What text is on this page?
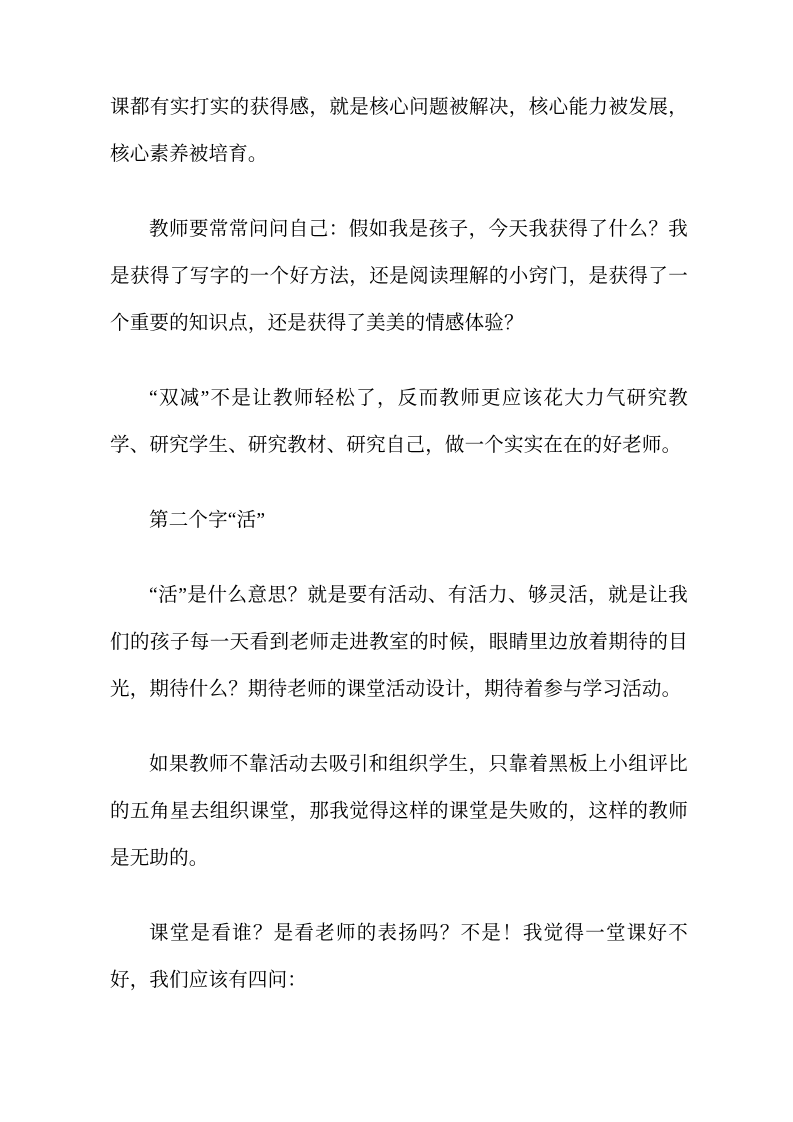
课都有实打实的获得感，就是核心问题被解决，核心能力被发展，核心素养被培育。

教师要常常问问自己：假如我是孩子，今天我获得了什么？我是获得了写字的一个好方法，还是阅读理解的小窍门，是获得了一个重要的知识点，还是获得了美美的情感体验？

“双减”不是让教师轻松了，反而教师更应该花大力气研究教学、研究学生、研究教材、研究自己，做一个实实在在的好老师。

第二个字“活”

“活”是什么意思？就是要有活动、有活力、够灵活，就是让我们的孩子每一天看到老师走进教室的时候，眼睛里边放着期待的目光，期待什么？期待老师的课堂活动设计，期待着参与学习活动。

如果教师不靠活动去吸引和组织学生，只靠着黑板上小组评比的五角星去组织课堂，那我觉得这样的课堂是失败的，这样的教师是无助的。

课堂是看谁？是看老师的表扬吗？不是！我觉得一堂课好不好，我们应该有四问：
